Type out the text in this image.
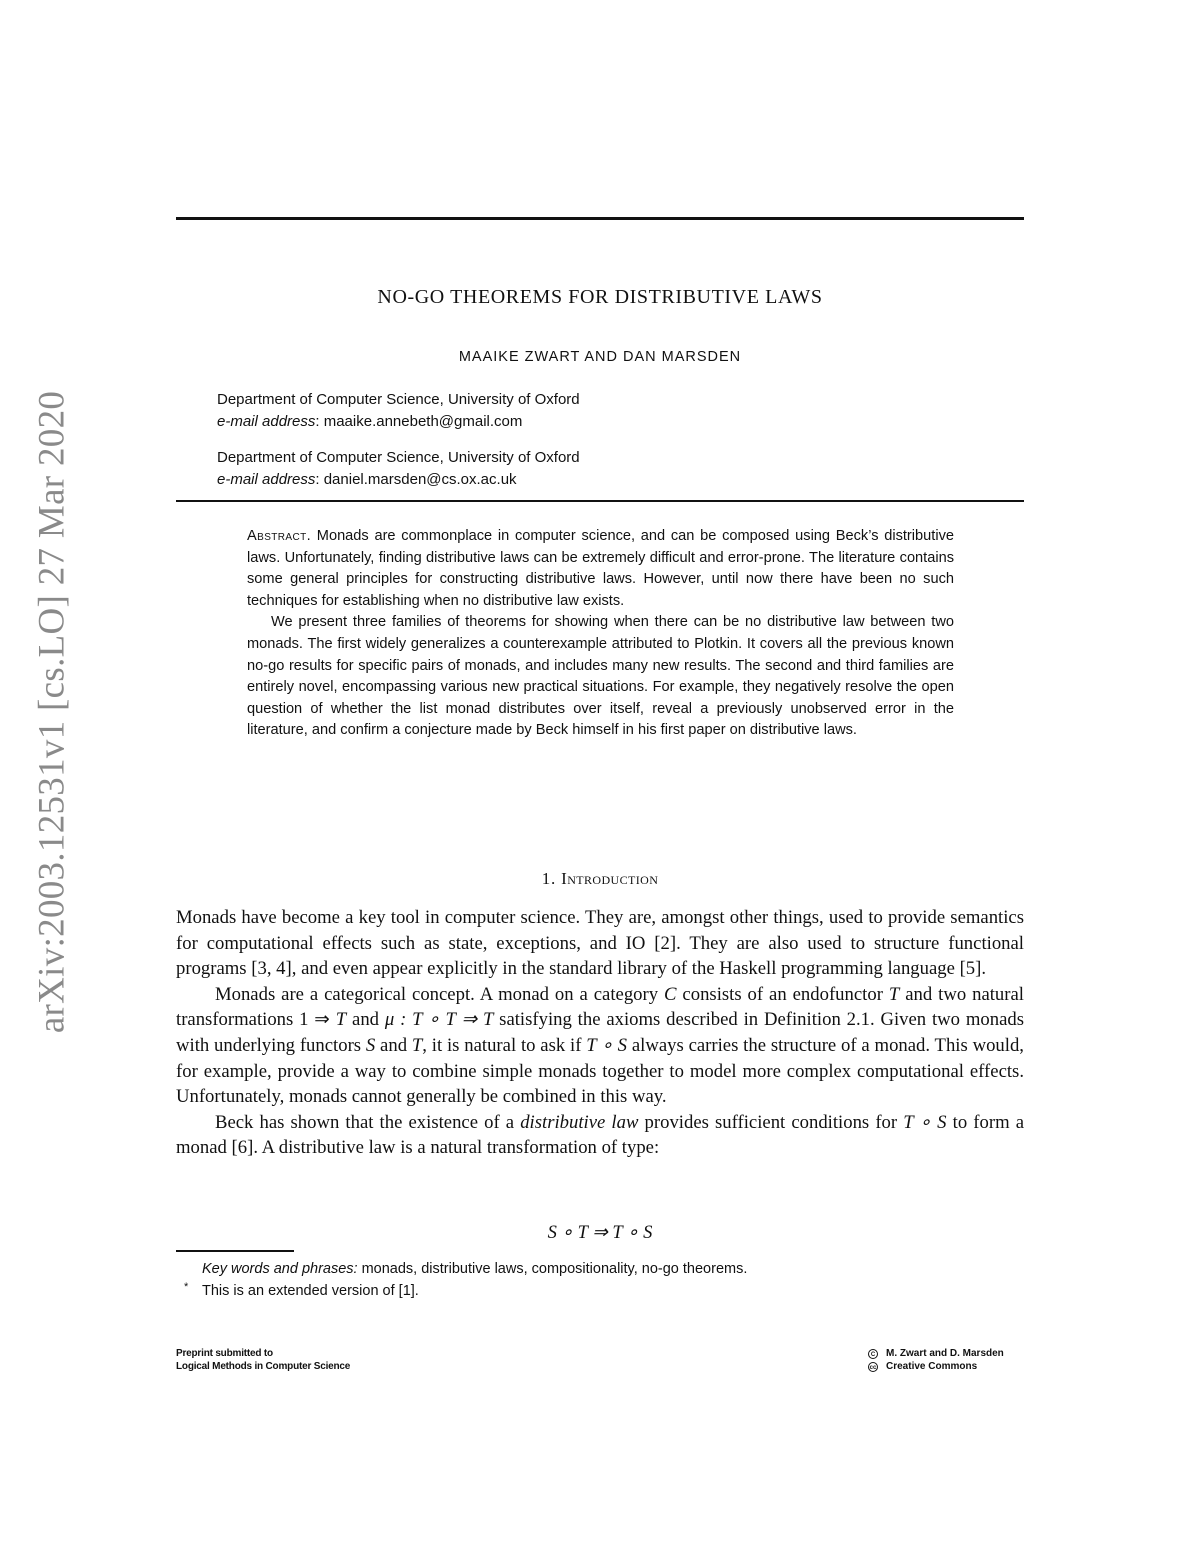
arXiv:2003.12531v1 [cs.LO] 27 Mar 2020
NO-GO THEOREMS FOR DISTRIBUTIVE LAWS
MAAIKE ZWART AND DAN MARSDEN
Department of Computer Science, University of Oxford
e-mail address: maaike.annebeth@gmail.com
Department of Computer Science, University of Oxford
e-mail address: daniel.marsden@cs.ox.ac.uk

Abstract. Monads are commonplace in computer science, and can be composed using Beck’s distributive laws. Unfortunately, finding distributive laws can be extremely difficult and error-prone. The literature contains some general principles for constructing distributive laws. However, until now there have been no such techniques for establishing when no distributive law exists.

We present three families of theorems for showing when there can be no distributive law between two monads. The first widely generalizes a counterexample attributed to Plotkin. It covers all the previous known no-go results for specific pairs of monads, and includes many new results. The second and third families are entirely novel, encompassing various new practical situations. For example, they negatively resolve the open question of whether the list monad distributes over itself, reveal a previously unobserved error in the literature, and confirm a conjecture made by Beck himself in his first paper on distributive laws.

1. Introduction

Monads have become a key tool in computer science. They are, amongst other things, used to provide semantics for computational effects such as state, exceptions, and IO [2]. They are also used to structure functional programs [3, 4], and even appear explicitly in the standard library of the Haskell programming language [5].

Monads are a categorical concept. A monad on a category C consists of an endofunctor T and two natural transformations 1 ⇒ T and μ : T ∘ T ⇒ T satisfying the axioms described in Definition 2.1. Given two monads with underlying functors S and T, it is natural to ask if T ∘ S always carries the structure of a monad. This would, for example, provide a way to combine simple monads together to model more complex computational effects. Unfortunately, monads cannot generally be combined in this way.

Beck has shown that the existence of a distributive law provides sufficient conditions for T ∘ S to form a monad [6]. A distributive law is a natural transformation of type:

S ∘ T ⇒ T ∘ S
Key words and phrases: monads, distributive laws, compositionality, no-go theorems.
* This is an extended version of [1].
Preprint submitted to
Logical Methods in Computer Science
C M. Zwart and D. Marsden
cc Creative Commons
